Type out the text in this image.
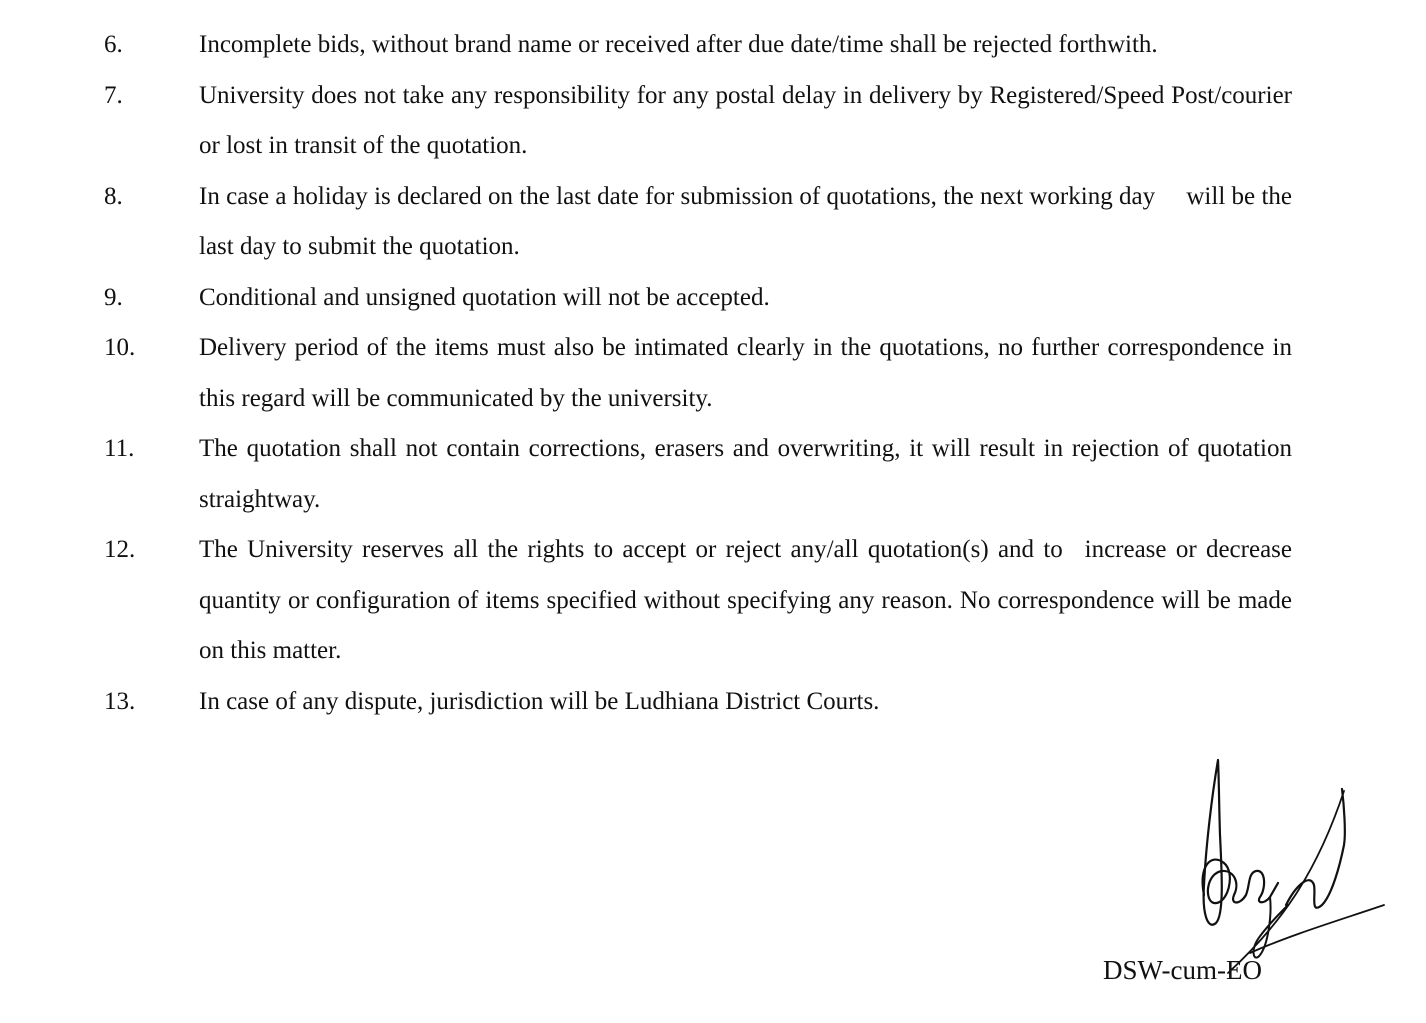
6.	Incomplete bids, without brand name or received after due date/time shall be rejected forthwith.
7.	University does not take any responsibility for any postal delay in delivery by Registered/Speed Post/courier or lost in transit of the quotation.
8.	In case a holiday is declared on the last date for submission of quotations, the next working day  will be the last day to submit the quotation.
9.	Conditional and unsigned quotation will not be accepted.
10.	Delivery period of the items must also be intimated clearly in the quotations, no further correspondence in this regard will be communicated by the university.
11.	The quotation shall not contain corrections, erasers and overwriting, it will result in rejection of quotation straightway.
12.	The University reserves all the rights to accept or reject any/all quotation(s) and to  increase or decrease quantity or configuration of items specified without specifying any reason. No correspondence will be made on this matter.
13.	In case of any dispute, jurisdiction will be Ludhiana District Courts.
DSW-cum-EO
